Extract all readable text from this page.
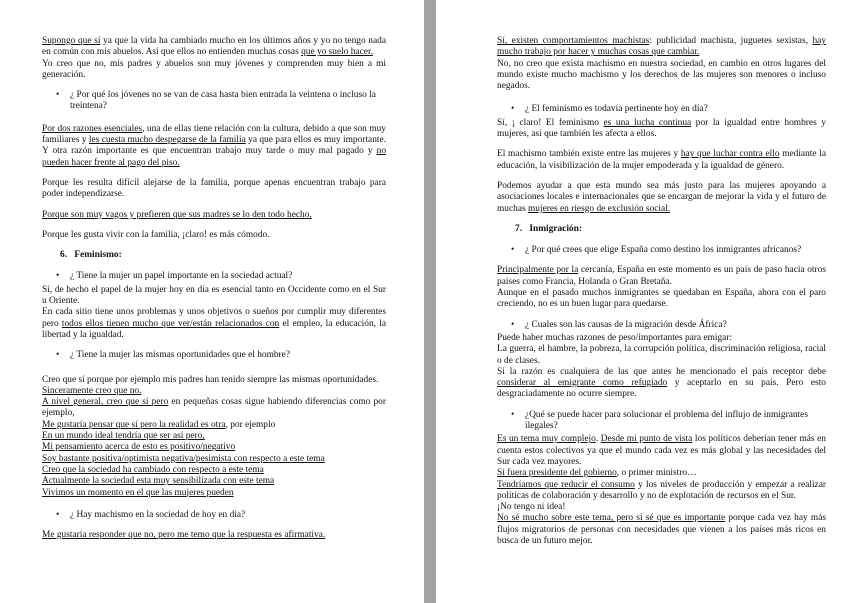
Supongo que sí ya que la vida ha cambiado mucho en los últimos años y yo no tengo nada en común con mis abuelos. Así que ellos no entienden muchas cosas que yo suelo hacer.
Yo creo que no, mis padres y abuelos son muy jóvenes y comprenden muy bien a mi generación.

• ¿ Por qué los jóvenes no se van de casa hasta bien entrada la veintena o incluso la treintena?

Por dos razones esenciales, una de ellas tiene relación con la cultura, debido a que son muy familiares y les cuesta mucho despegarse de la familia ya que para ellos es muy importante. Y otra razón importante es que encuentran trabajo muy tarde o muy mal pagado y no pueden hacer frente al pago del piso.

Porque les resulta difícil alejarse de la familia, porque apenas encuentran trabajo para poder independizarse.

Porque son muy vagos y prefieren que sus madres se lo den todo hecho.

Porque les gusta vivir con la familia, ¡claro! es más cómodo.

6. Feminismo:
• ¿ Tiene la mujer un papel importante en la sociedad actual?

Sí, de hecho el papel de la mujer hoy en día es esencial tanto en Occidente como en el Sur u Oriente.
En cada sitio tiene unos problemas y unos objetivos o sueños por cumplir muy diferentes pero todos ellos tienen mucho que ver/están relacionados con el empleo, la educación, la libertad y la igualdad.

• ¿ Tiene la mujer las mismas oportunidades que el hombre?

Creo que sí porque por ejemplo mis padres han tenido siempre las mismas oportunidades.
Sinceramente creo que no.
A nivel general, creo que sí pero en pequeñas cosas sigue habiendo diferencias como por ejemplo,
Me gustaría pensar que sí pero la realidad es otra, por ejemplo
En un mundo ideal tendría que ser así pero,
Mi pensamiento acerca de esto es positivo/negativo
Soy bastante positiva/optimista negativa/pesimista con respecto a este tema
Creo que la sociedad ha cambiado con respecto a este tema
Actualmente la sociedad esta muy sensibilizada con este tema
Vivimos un momento en el que las mujeres pueden

• ¿ Hay machismo en la sociedad de hoy en día?

Me gustaría responder que no, pero me temo que la respuesta es afirmativa.

Sí, existen comportamientos machistas: publicidad machista, juguetes sexistas, hay mucho trabajo por hacer y muchas cosas que cambiar.
No, no creo que exista machismo en nuestra sociedad, en cambio en otros lugares del mundo existe mucho machismo y los derechos de las mujeres son menores o incluso negados.

• ¿ El feminismo es todavía pertinente hoy en día?

Sí, ¡ claro! El feminismo es una lucha continua por la igualdad entre hombres y mujeres, así que también les afecta a ellos.

El machismo también existe entre las mujeres y hay que luchar contra ello mediante la educación, la visibilización de la mujer empoderada y la igualdad de género.

Podemos ayudar a que esta mundo sea más justo para las mujeres apoyando a asociaciones locales e internacionales que se encargan de mejorar la vida y el futuro de muchas mujeres en riesgo de exclusión social.

7. Inmigración:
• ¿ Por qué crees que elige España como destino los inmigrantes africanos?

Principalmente por la cercanía, España en este momento es un país de paso hacia otros países como Francia, Holanda o Gran Bretaña.
Aunque en el pasado muchos inmigrantes se quedaban en España, ahora con el paro creciendo, no es un buen lugar para quedarse.

• ¿ Cuales son las causas de la migración desde África?

Puede haber muchas razones de peso/importantes para emigar:
La guerra, el hambre, la pobreza, la corrupción política, discriminación religiosa, racial o de clases.
Si la razón es cualquiera de las que antes he mencionado el país receptor debe considerar al emigrante como refugiado y aceptarlo en su país. Pero esto desgraciadamente no ocurre siempre.

• ¿Qué se puede hacer para solucionar el problema del influjo de inmigrantes ilegales?

Es un tema muy complejo. Desde mi punto de vista los políticos deberían tener más en cuenta estos colectivos ya que el mundo cada vez es más global y las necesidades del Sur cada vez mayores.
Si fuera presidente del gobierno, o primer ministro…
Tendríamos que reducir el consumo y los niveles de producción y empezar a realizar políticas de colaboración y desarrollo y no de explotación de recursos en el Sur.
¡No tengo ni idea!
No sé mucho sobre este tema, pero sí sé que es importante porque cada vez hay más flujos migratorios de personas con necesidades que vienen a los países más ricos en busca de un futuro mejor.
